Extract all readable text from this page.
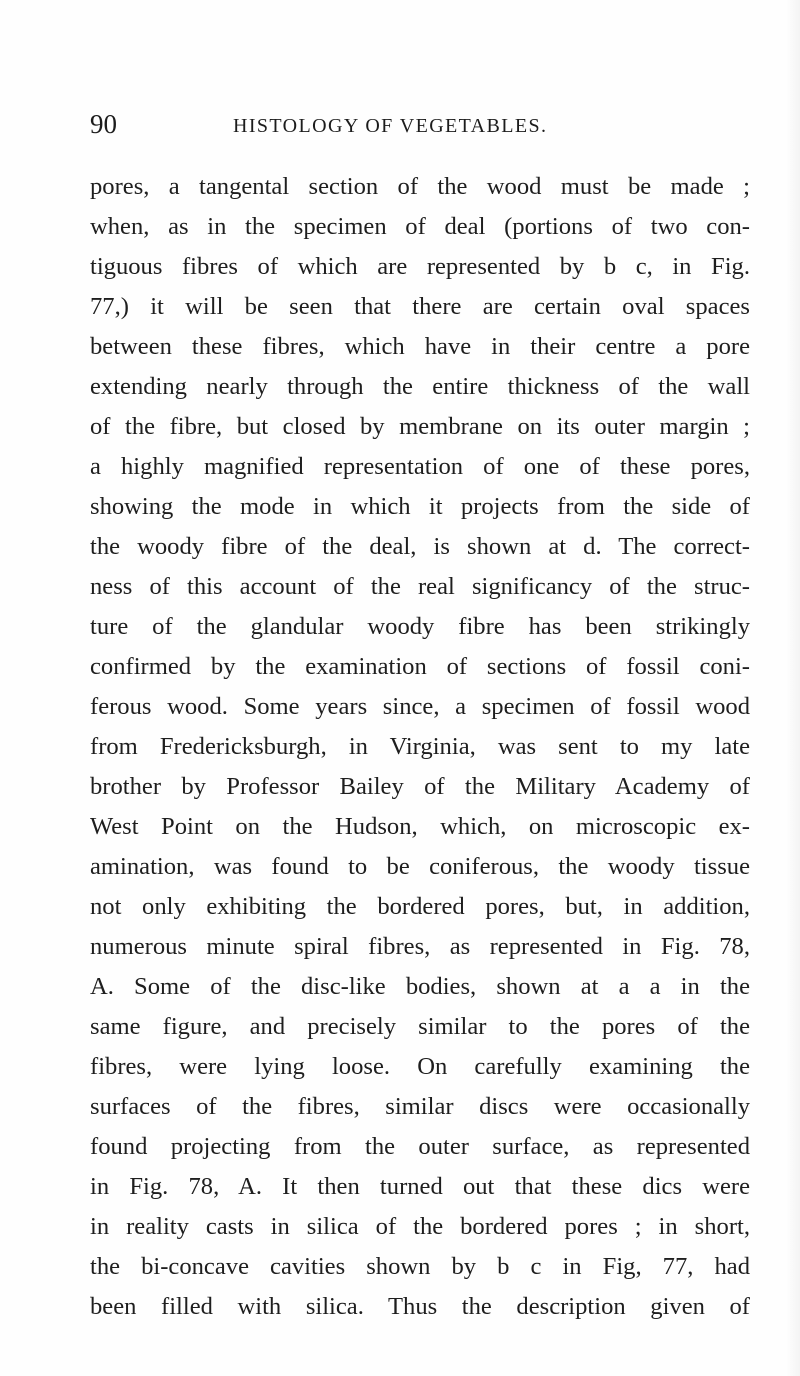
90	HISTOLOGY OF VEGETABLES.
pores, a tangental section of the wood must be made ;
when, as in the specimen of deal (portions of two con-
tiguous fibres of which are represented by b c, in Fig.
77,) it will be seen that there are certain oval spaces
between these fibres, which have in their centre a pore
extending nearly through the entire thickness of the wall
of the fibre, but closed by membrane on its outer margin ;
a highly magnified representation of one of these pores,
showing the mode in which it projects from the side of
the woody fibre of the deal, is shown at d. The correct-
ness of this account of the real significancy of the struc-
ture of the glandular woody fibre has been strikingly
confirmed by the examination of sections of fossil coni-
ferous wood. Some years since, a specimen of fossil wood
from Fredericksburgh, in Virginia, was sent to my late
brother by Professor Bailey of the Military Academy of
West Point on the Hudson, which, on microscopic ex-
amination, was found to be coniferous, the woody tissue
not only exhibiting the bordered pores, but, in addition,
numerous minute spiral fibres, as represented in Fig. 78,
A. Some of the disc-like bodies, shown at a a in the
same figure, and precisely similar to the pores of the
fibres, were lying loose. On carefully examining the
surfaces of the fibres, similar discs were occasionally
found projecting from the outer surface, as represented
in Fig. 78, A. It then turned out that these dics were
in reality casts in silica of the bordered pores ; in short,
the bi-concave cavities shown by b c in Fig, 77, had
been filled with silica. Thus the description given of
